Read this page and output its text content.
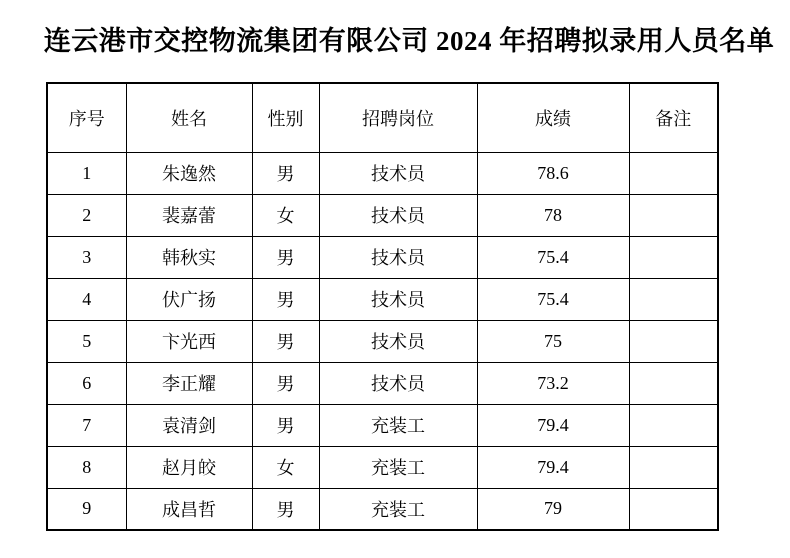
连云港市交控物流集团有限公司 2024 年招聘拟录用人员名单
序号	姓名	性别	招聘岗位	成绩	备注
1	朱逸然	男	技术员	78.6	
2	裴嘉蕾	女	技术员	78	
3	韩秋实	男	技术员	75.4	
4	伏广扬	男	技术员	75.4	
5	卞光西	男	技术员	75	
6	李正耀	男	技术员	73.2	
7	袁清剑	男	充装工	79.4	
8	赵月皎	女	充装工	79.4	
9	成昌哲	男	充装工	79	
